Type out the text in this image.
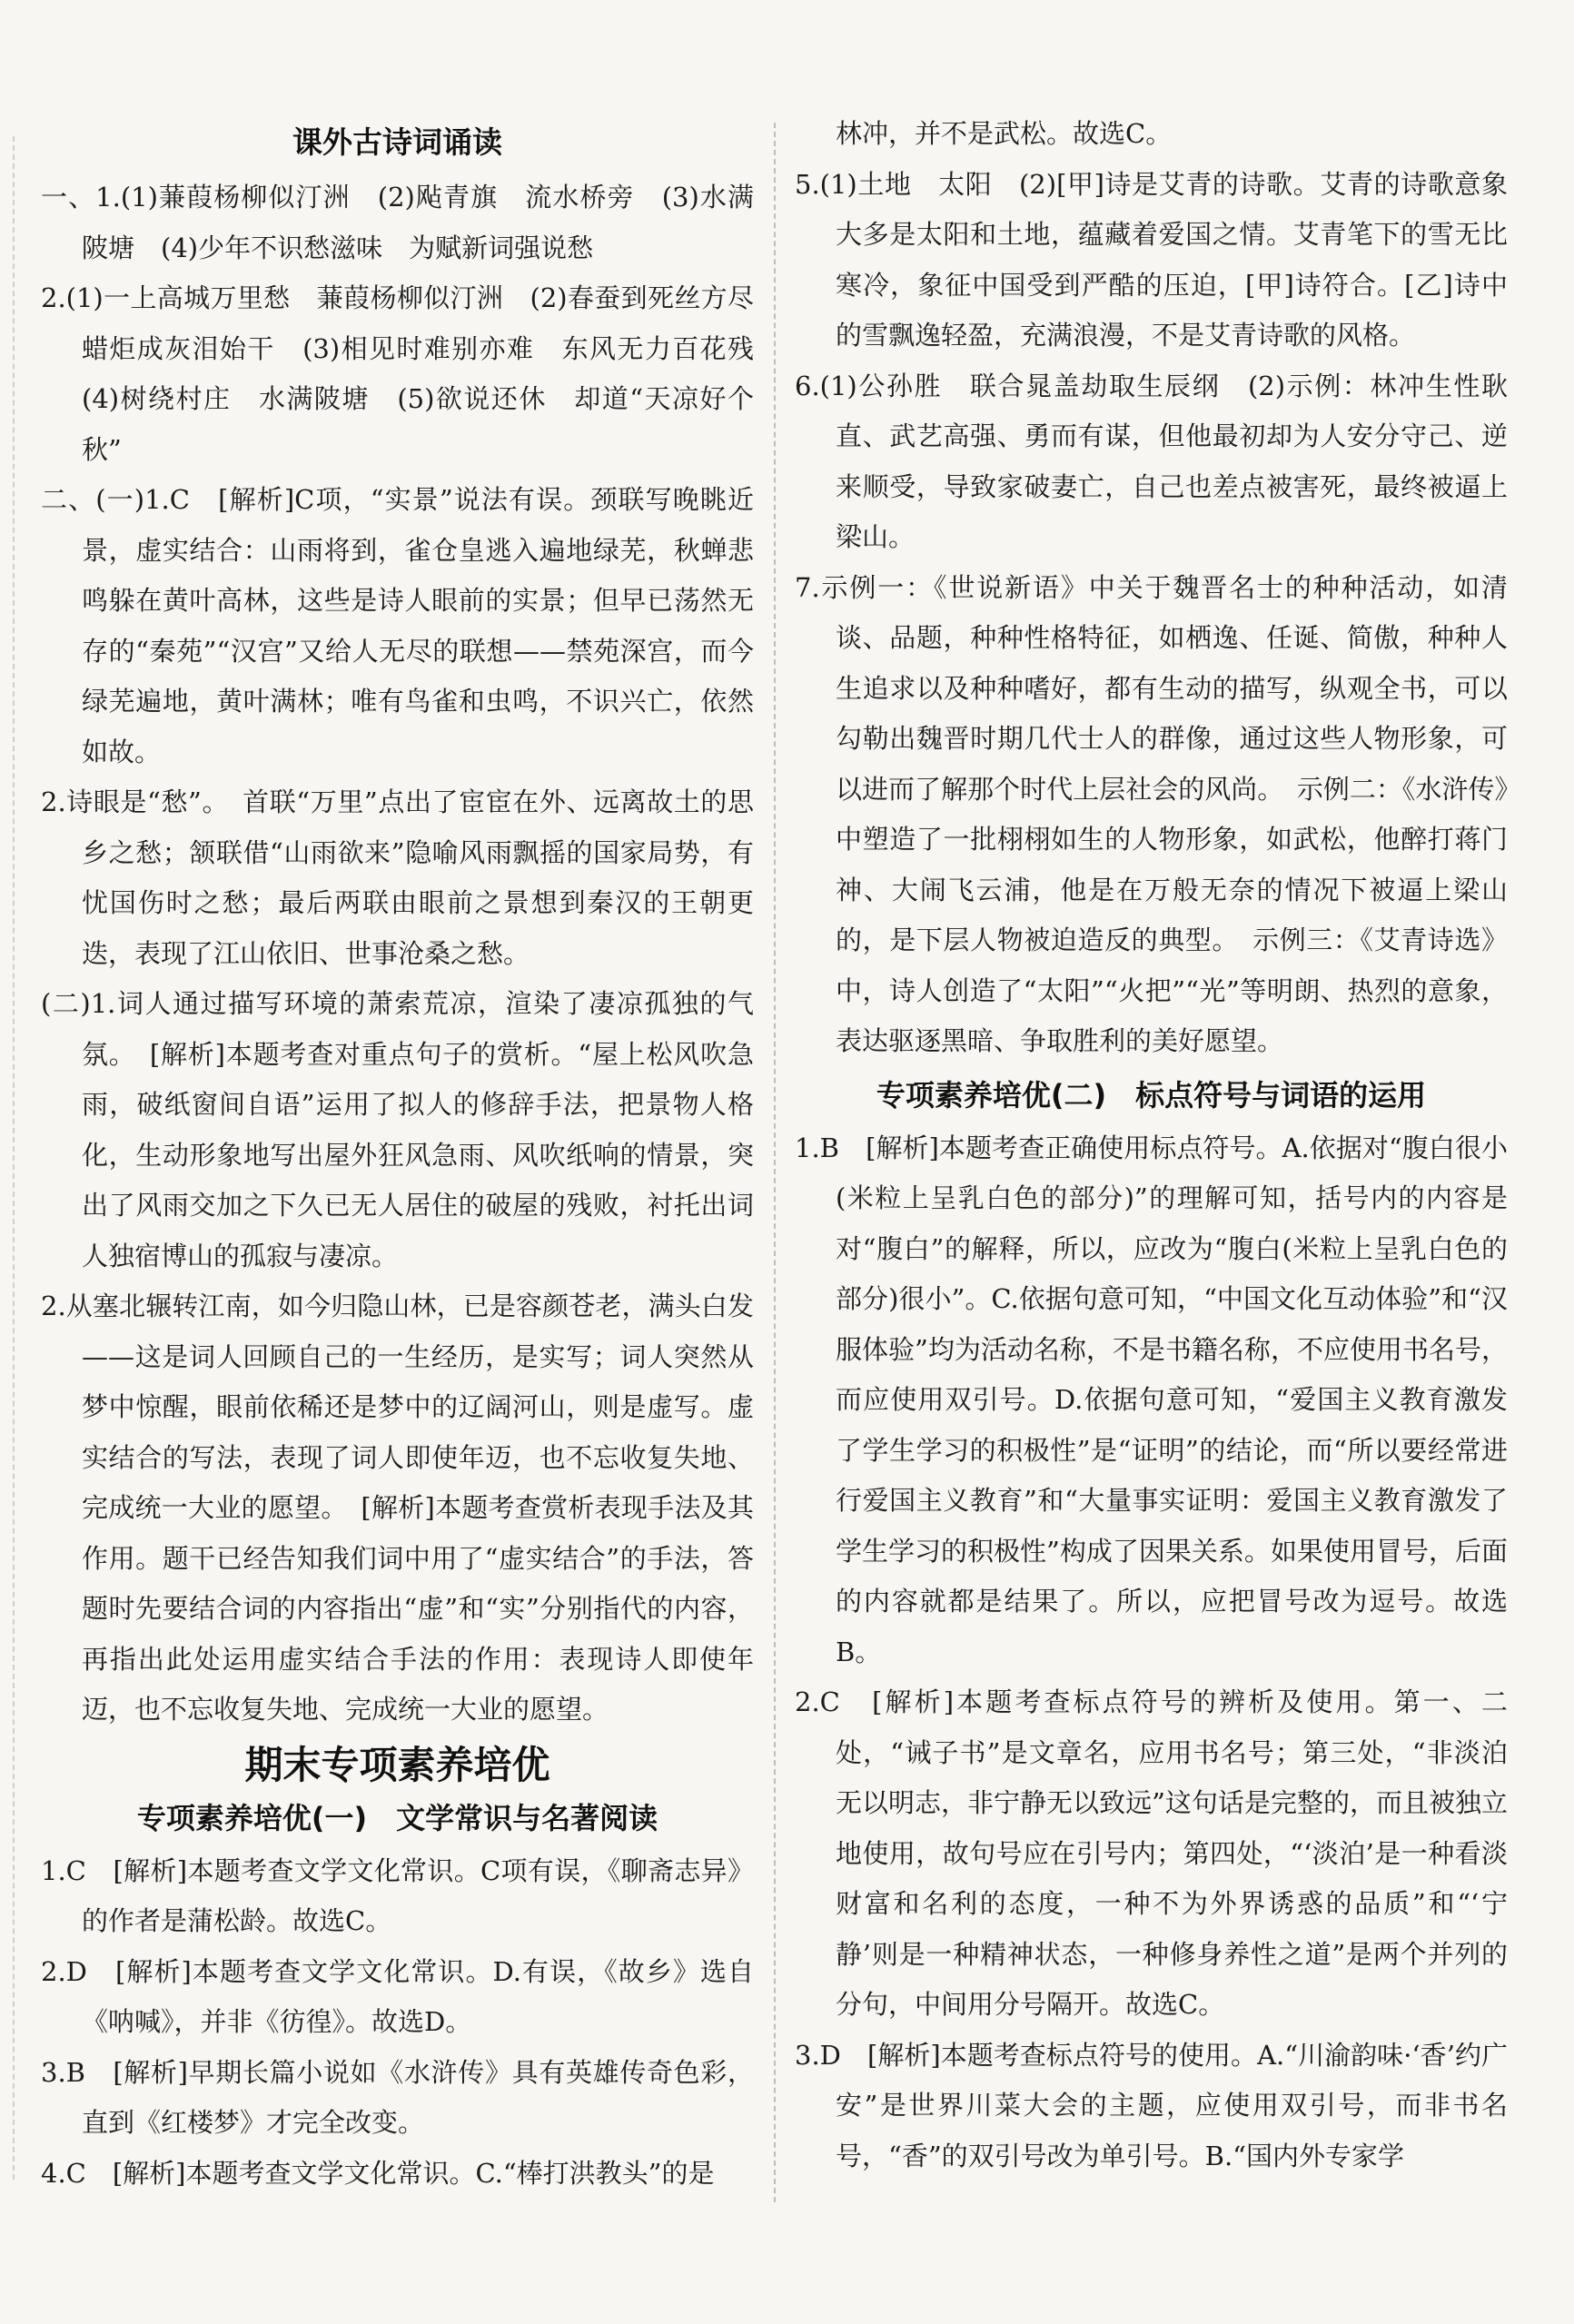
课外古诗词诵读

一、1.(1)蒹葭杨柳似汀洲　(2)飐青旗　流水桥旁　(3)水满陂塘　(4)少年不识愁滋味　为赋新词强说愁

2.(1)一上高城万里愁　蒹葭杨柳似汀洲　(2)春蚕到死丝方尽　蜡炬成灰泪始干　(3)相见时难别亦难　东风无力百花残　(4)树绕村庄　水满陂塘　(5)欲说还休　却道“天凉好个秋”

二、(一)1.C　[解析]C项，“实景”说法有误。颈联写晚眺近景，虚实结合：山雨将到，雀仓皇逃入遍地绿芜，秋蝉悲鸣躲在黄叶高林，这些是诗人眼前的实景；但早已荡然无存的“秦苑”“汉宫”又给人无尽的联想——禁苑深宫，而今绿芜遍地，黄叶满林；唯有鸟雀和虫鸣，不识兴亡，依然如故。

2.诗眼是“愁”。　首联“万里”点出了宦宦在外、远离故土的思乡之愁；颔联借“山雨欲来”隐喻风雨飘摇的国家局势，有忧国伤时之愁；最后两联由眼前之景想到秦汉的王朝更迭，表现了江山依旧、世事沧桑之愁。

(二)1.词人通过描写环境的萧索荒凉，渲染了凄凉孤独的气氛。　[解析]本题考查对重点句子的赏析。“屋上松风吹急雨，破纸窗间自语”运用了拟人的修辞手法，把景物人格化，生动形象地写出屋外狂风急雨、风吹纸响的情景，突出了风雨交加之下久已无人居住的破屋的残败，衬托出词人独宿博山的孤寂与凄凉。

2.从塞北辗转江南，如今归隐山林，已是容颜苍老，满头白发——这是词人回顾自己的一生经历，是实写；词人突然从梦中惊醒，眼前依稀还是梦中的辽阔河山，则是虚写。虚实结合的写法，表现了词人即使年迈，也不忘收复失地、完成统一大业的愿望。　[解析]本题考查赏析表现手法及其作用。题干已经告知我们词中用了“虚实结合”的手法，答题时先要结合词的内容指出“虚”和“实”分别指代的内容，再指出此处运用虚实结合手法的作用：表现诗人即使年迈，也不忘收复失地、完成统一大业的愿望。

期末专项素养培优
专项素养培优(一)　文学常识与名著阅读

1.C　[解析]本题考查文学文化常识。C项有误，《聊斋志异》的作者是蒲松龄。故选C。

2.D　[解析]本题考查文学文化常识。D.有误，《故乡》选自《呐喊》，并非《彷徨》。故选D。

3.B　[解析]早期长篇小说如《水浒传》具有英雄传奇色彩，直到《红楼梦》才完全改变。

4.C　[解析]本题考查文学文化常识。C.“棒打洪教头”的是

林冲，并不是武松。故选C。

5.(1)土地　太阳　(2)[甲]诗是艾青的诗歌。艾青的诗歌意象大多是太阳和土地，蕴藏着爱国之情。艾青笔下的雪无比寒冷，象征中国受到严酷的压迫，[甲]诗符合。[乙]诗中的雪飘逸轻盈，充满浪漫，不是艾青诗歌的风格。

6.(1)公孙胜　联合晁盖劫取生辰纲　(2)示例：林冲生性耿直、武艺高强、勇而有谋，但他最初却为人安分守己、逆来顺受，导致家破妻亡，自己也差点被害死，最终被逼上梁山。

7.示例一：《世说新语》中关于魏晋名士的种种活动，如清谈、品题，种种性格特征，如栖逸、任诞、简傲，种种人生追求以及种种嗜好，都有生动的描写，纵观全书，可以勾勒出魏晋时期几代士人的群像，通过这些人物形象，可以进而了解那个时代上层社会的风尚。　示例二：《水浒传》中塑造了一批栩栩如生的人物形象，如武松，他醉打蒋门神、大闹飞云浦，他是在万般无奈的情况下被逼上梁山的，是下层人物被迫造反的典型。　示例三：《艾青诗选》中，诗人创造了“太阳”“火把”“光”等明朗、热烈的意象，表达驱逐黑暗、争取胜利的美好愿望。

专项素养培优(二)　标点符号与词语的运用

1.B　[解析]本题考查正确使用标点符号。A.依据对“腹白很小(米粒上呈乳白色的部分)”的理解可知，括号内的内容是对“腹白”的解释，所以，应改为“腹白(米粒上呈乳白色的部分)很小”。C.依据句意可知，“中国文化互动体验”和“汉服体验”均为活动名称，不是书籍名称，不应使用书名号，而应使用双引号。D.依据句意可知，“爱国主义教育激发了学生学习的积极性”是“证明”的结论，而“所以要经常进行爱国主义教育”和“大量事实证明：爱国主义教育激发了学生学习的积极性”构成了因果关系。如果使用冒号，后面的内容就都是结果了。所以，应把冒号改为逗号。故选B。

2.C　[解析]本题考查标点符号的辨析及使用。第一、二处，“诫子书”是文章名，应用书名号；第三处，“非淡泊无以明志，非宁静无以致远”这句话是完整的，而且被独立地使用，故句号应在引号内；第四处，“‘淡泊’是一种看淡财富和名利的态度，一种不为外界诱惑的品质”和“‘宁静’则是一种精神状态，一种修身养性之道”是两个并列的分句，中间用分号隔开。故选C。

3.D　[解析]本题考查标点符号的使用。A.“川渝韵味·‘香’约广安”是世界川菜大会的主题，应使用双引号，而非书名号，“香”的双引号改为单引号。B.“国内外专家学
